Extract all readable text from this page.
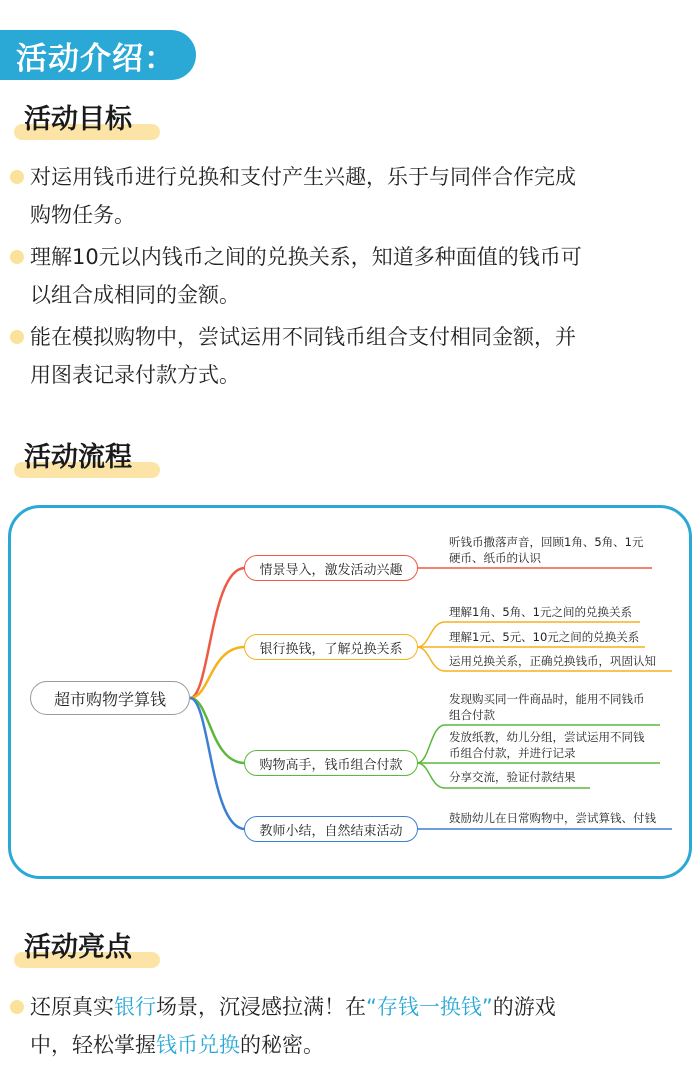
活动介绍：
活动目标
对运用钱币进行兑换和支付产生兴趣，乐于与同伴合作完成
购物任务。
理解10元以内钱币之间的兑换关系，知道多种面值的钱币可
以组合成相同的金额。
能在模拟购物中，尝试运用不同钱币组合支付相同金额，并
用图表记录付款方式。
活动流程
超市购物学算钱
情景导入，激发活动兴趣
银行换钱，了解兑换关系
购物高手，钱币组合付款
教师小结，自然结束活动
听钱币撒落声音，回顾1角、5角、1元
硬币、纸币的认识
理解1角、5角、1元之间的兑换关系
理解1元、5元、10元之间的兑换关系
运用兑换关系，正确兑换钱币，巩固认知
发现购买同一件商品时，能用不同钱币
组合付款
发放纸教，幼儿分组，尝试运用不同钱
币组合付款，并进行记录
分享交流，验证付款结果
鼓励幼儿在日常购物中，尝试算钱、付钱
活动亮点
还原真实银行场景，沉浸感拉满！在“存钱一换钱”的游戏
中，轻松掌握钱币兑换的秘密。
